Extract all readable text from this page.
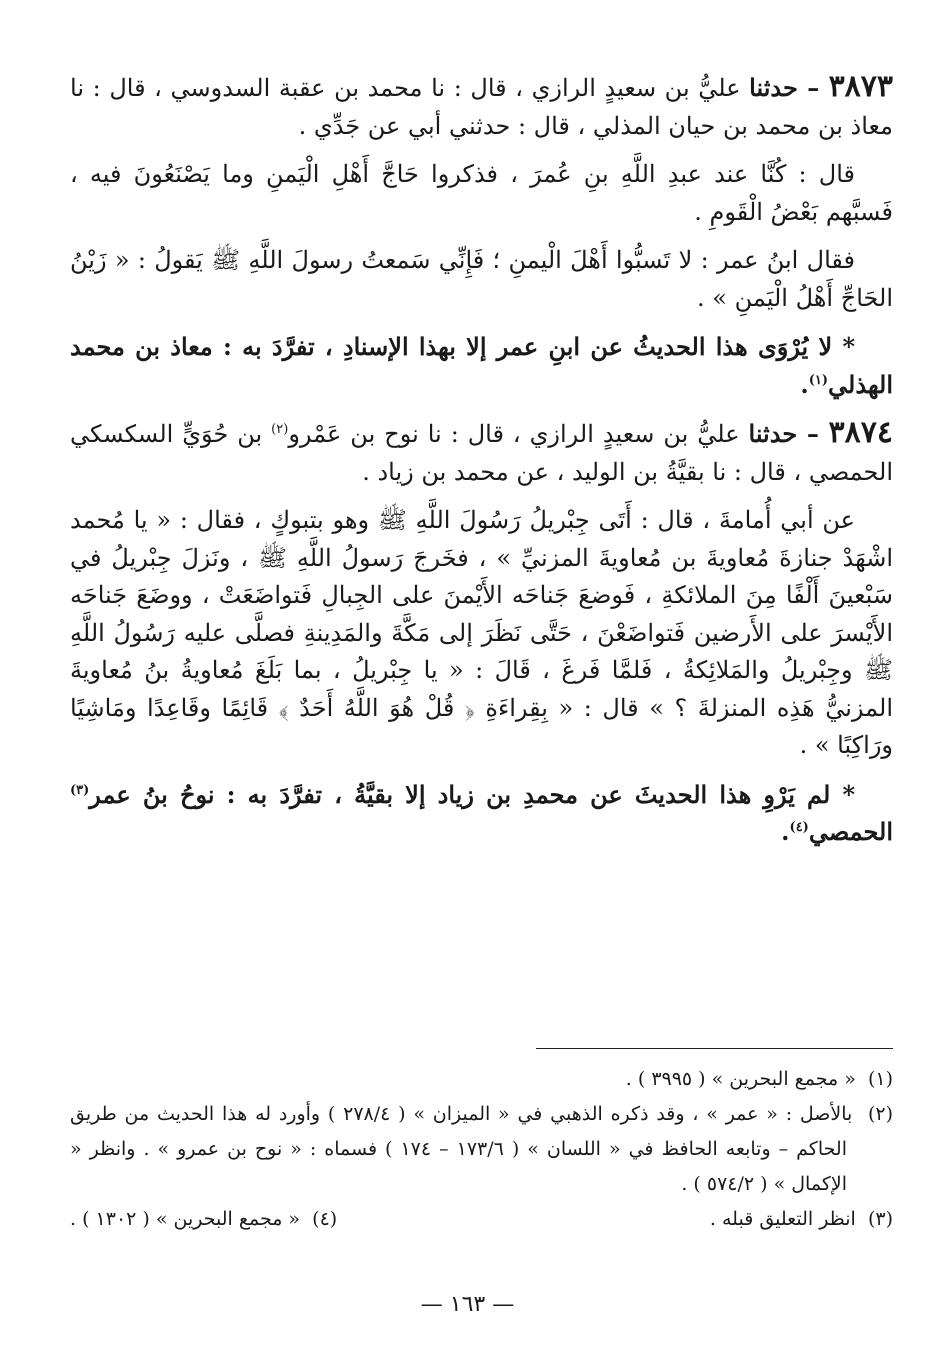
٣٨٧٣ – حدثنا عليُّ بن سعيدٍ الرازي ، قال : نا محمد بن عقبة السدوسي ، قال : نا معاذ بن محمد بن حيان المذلي ، قال : حدثني أبي عن جَدِّي .

قال : كُنَّا عند عبدِ اللَّهِ بنِ عُمرَ ، فذكروا حَاجَّ أَهْلِ الْيَمنِ وما يَصْنَعُونَ فيه ، فَسبَّهم بَعْضُ الْقَومِ .

فقال ابنُ عمر : لا تَسبُّوا أَهْلَ الْيمنِ ؛ فَإِنِّي سَمعتُ رسولَ اللَّهِ ﷺ يَقولُ : « زَيْنُ الحَاجِّ أَهْلُ الْيَمنِ » .

* لا يُرْوَى هذا الحديثُ عن ابنِ عمر إلا بهذا الإسنادِ ، تفرَّدَ به : معاذ بن محمد الهذلي$^{(١)}$.

٣٨٧٤ – حدثنا عليُّ بن سعيدٍ الرازي ، قال : نا نوح بن عَمْرو$^{(٢)}$ بن حُوَيٍّ السكسكي الحمصي ، قال : نا بقيَّةُ بن الوليد ، عن محمد بن زياد .

عن أبي أُمامةَ ، قال : أَتَى جِبْريلُ رَسُولَ اللَّهِ ﷺ وهو بتبوكٍ ، فقال : « يا مُحمد اشْهَدْ جنازةَ مُعاويةَ بن مُعاويةَ المزنيِّ » ، فخَرجَ رَسولُ اللَّهِ ﷺ ، ونَزلَ جِبْريلُ في سَبْعينَ أَلْفًا مِنَ الملائكةِ ، فَوضعَ جَناحَه الأَيْمنَ على الجِبالِ فَتواضَعَتْ ، ووضَعَ جَناحَه الأَيْسرَ على الأَرضين فَتواضَعْنَ ، حَتَّى نَظَرَ إلى مَكَّةَ والمَدِينةِ فصلَّى عليه رَسُولُ اللَّهِ ﷺ وجِبْريلُ والمَلائِكةُ ، فَلمَّا فَرغَ ، قَالَ : « يا جِبْريلُ ، بما بَلَغَ مُعاويةُ بنُ مُعاويةَ المزنيُّ هَذِه المنزلةَ ؟ » قال : « بِقِراءَةِ ﴿ قُلْ هُوَ اللَّهُ أَحَدٌ ﴾ قَائِمًا وقَاعِدًا ومَاشِيًا ورَاكِبًا » .

* لم يَرْوِ هذا الحديثَ عن محمدِ بن زياد إلا بقيَّةُ ، تفرَّدَ به : نوحُ بنُ عمر$^{(٣)}$ الحمصي$^{(٤)}$.

(١)  « مجمع البحرين » ( ٣٩٩٥ ) .

(٢)  بالأصل : « عمر » ، وقد ذكره الذهبي في « الميزان » ( ٢٧٨/٤ ) وأورد له هذا الحديث من طريق الحاكم – وتابعه الحافظ في « اللسان » ( ١٧٣/٦ – ١٧٤ ) فسماه : « نوح بن عمرو » . وانظر « الإكمال » ( ٥٧٤/٢ ) .

(٣)  انظر التعليق قبله .
(٤)  « مجمع البحرين » ( ١٣٠٢ ) .
— ١٦٣ —
